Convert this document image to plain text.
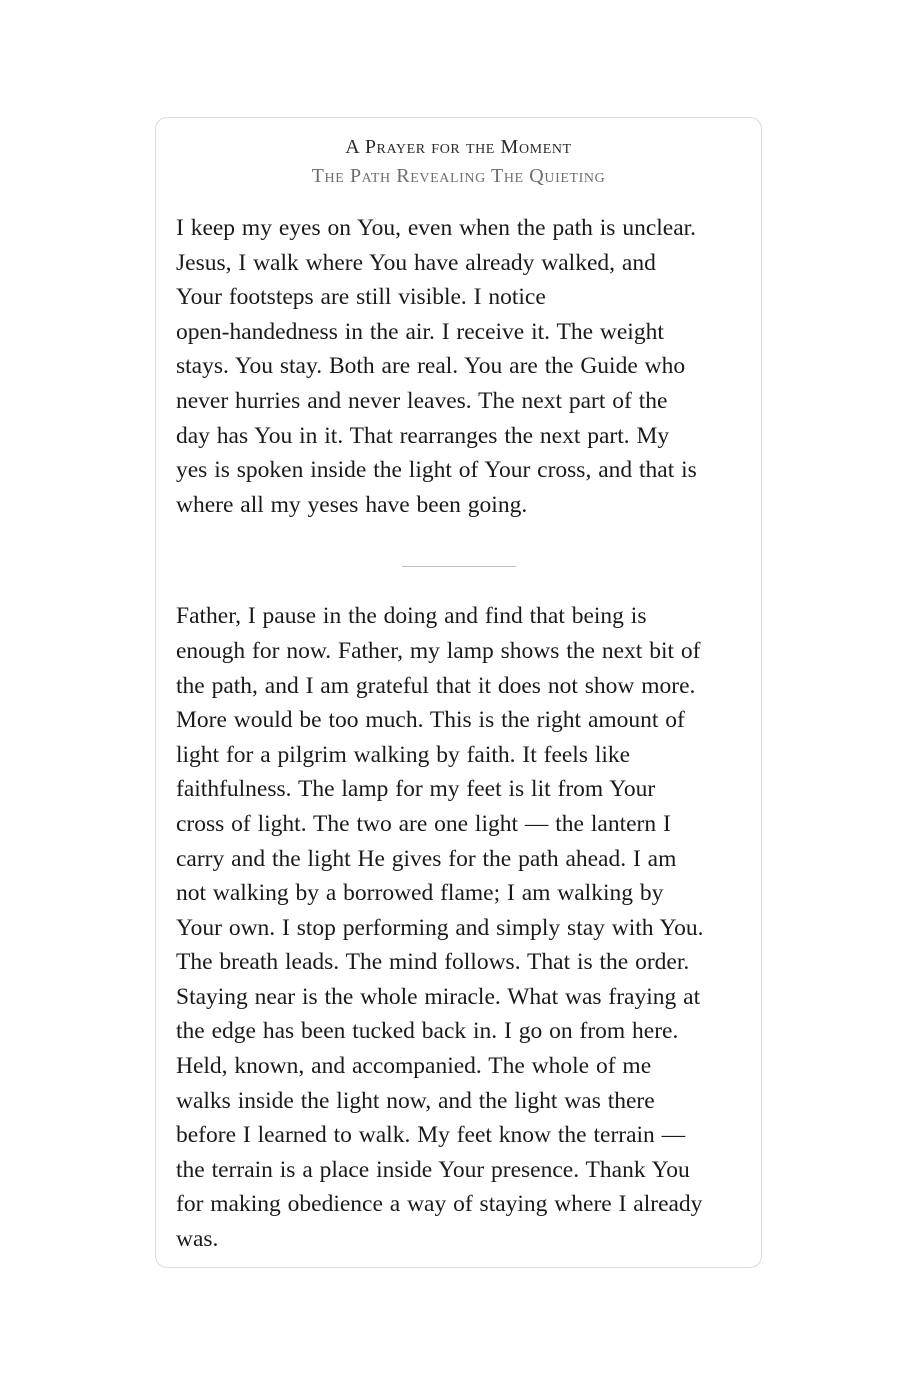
A Prayer for the Moment
The Path Revealing The Quieting

I keep my eyes on You, even when the path is unclear.
Jesus, I walk where You have already walked, and
Your footsteps are still visible. I notice
open-handedness in the air. I receive it. The weight
stays. You stay. Both are real. You are the Guide who
never hurries and never leaves. The next part of the
day has You in it. That rearranges the next part. My
yes is spoken inside the light of Your cross, and that is
where all my yeses have been going.

Father, I pause in the doing and find that being is
enough for now. Father, my lamp shows the next bit of
the path, and I am grateful that it does not show more.
More would be too much. This is the right amount of
light for a pilgrim walking by faith. It feels like
faithfulness. The lamp for my feet is lit from Your
cross of light. The two are one light — the lantern I
carry and the light He gives for the path ahead. I am
not walking by a borrowed flame; I am walking by
Your own. I stop performing and simply stay with You.
The breath leads. The mind follows. That is the order.
Staying near is the whole miracle. What was fraying at
the edge has been tucked back in. I go on from here.
Held, known, and accompanied. The whole of me
walks inside the light now, and the light was there
before I learned to walk. My feet know the terrain —
the terrain is a place inside Your presence. Thank You
for making obedience a way of staying where I already
was.
